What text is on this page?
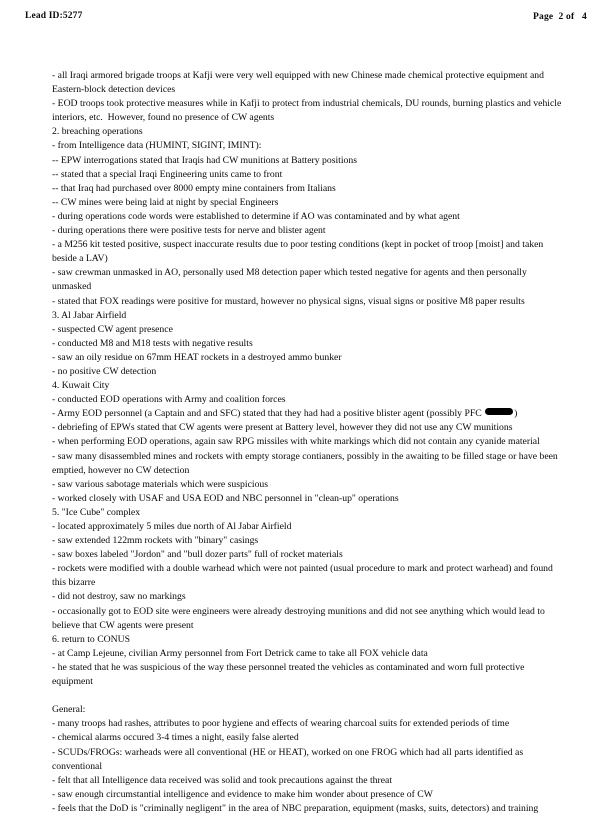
Lead ID:5277	Page  2 of   4
- all Iraqi armored brigade troops at Kafji were very well equipped with new Chinese made chemical protective equipment and Eastern-block detection devices
- EOD troops took protective measures while in Kafji to protect from industrial chemicals, DU rounds, burning plastics and vehicle interiors, etc.  However, found no presence of CW agents
2. breaching operations
- from Intelligence data (HUMINT, SIGINT, IMINT):
-- EPW interrogations stated that Iraqis had CW munitions at Battery positions
-- stated that a special Iraqi Engineering units came to front
-- that Iraq had purchased over 8000 empty mine containers from Italians
-- CW mines were being laid at night by special Engineers
- during operations code words were established to determine if AO was contaminated and by what agent
- during operations there were positive tests for nerve and blister agent
- a M256 kit tested positive, suspect inaccurate results due to poor testing conditions (kept in pocket of troop [moist] and taken beside a LAV)
- saw crewman unmasked in AO, personally used M8 detection paper which tested negative for agents and then personally unmasked
- stated that FOX readings were positive for mustard, however no physical signs, visual signs or positive M8 paper results
3. Al Jabar Airfield
- suspected CW agent presence
- conducted M8 and M18 tests with negative results
- saw an oily residue on 67mm HEAT rockets in a destroyed ammo bunker
- no positive CW detection
4. Kuwait City
- conducted EOD operations with Army and coalition forces
- Army EOD personnel (a Captain and and SFC) stated that they had had a positive blister agent (possibly PFC	)
- debriefing of EPWs stated that CW agents were present at Battery level, however they did not use any CW munitions
- when performing EOD operations, again saw RPG missiles with white markings which did not contain any cyanide material
- saw many disassembled mines and rockets with empty storage contianers, possibly in the awaiting to be filled stage or have been emptied, however no CW detection
- saw various sabotage materials which were suspicious
- worked closely with USAF and USA EOD and NBC personnel in "clean-up" operations
5. "Ice Cube" complex
- located approximately 5 miles due north of Al Jabar Airfield
- saw extended 122mm rockets with "binary" casings
- saw boxes labeled "Jordon" and "bull dozer parts" full of rocket materials
- rockets were modified with a double warhead which were not painted (usual procedure to mark and protect warhead) and found this bizarre
- did not destroy, saw no markings
- occasionally got to EOD site were engineers were already destroying munitions and did not see anything which would lead to believe that CW agents were present
6. return to CONUS
- at Camp Lejeune, civilian Army personnel from Fort Detrick came to take all FOX vehicle data
- he stated that he was suspicious of the way these personnel treated the vehicles as contaminated and worn full protective equipment
General:
- many troops had rashes, attributes to poor hygiene and effects of wearing charcoal suits for extended periods of time
- chemical alarms occured 3-4 times a night, easily false alerted
- SCUDs/FROGs: warheads were all conventional (HE or HEAT), worked on one FROG which had all parts identified as conventional
- felt that all Intelligence data received was solid and took precautions against the threat
- saw enough circumstantial intelligence and evidence to make him wonder about presence of CW
- feels that the DoD is "criminally negligent" in the area of NBC preparation, equipment (masks, suits, detectors) and training
